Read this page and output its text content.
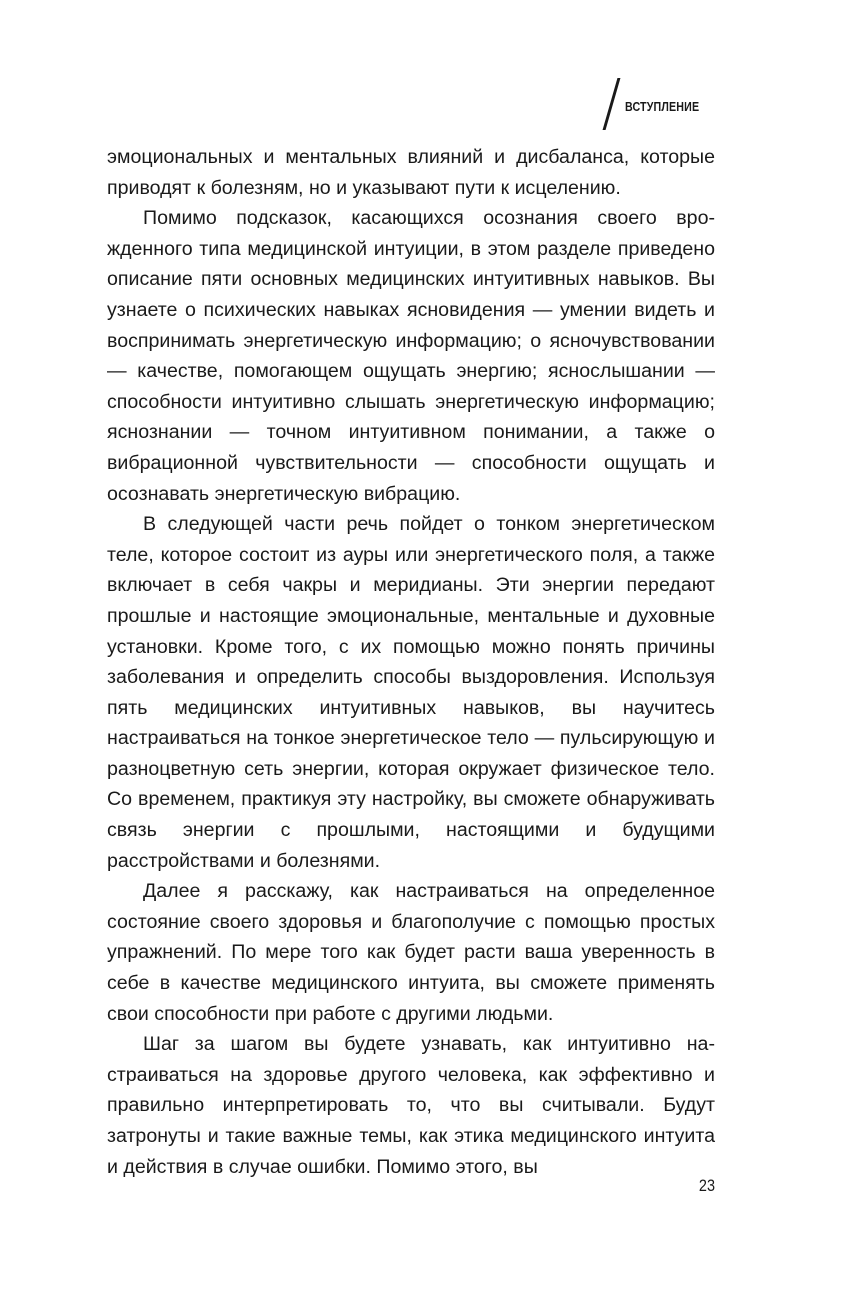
ВСТУПЛЕНИЕ

эмоциональных и ментальных влияний и дисбаланса, которые приводят к болезням, но и указывают пути к исцелению.

Помимо подсказок, касающихся осознания своего врожденного типа медицинской интуиции, в этом разделе приведено описание пяти основных медицинских интуитивных навыков. Вы узнаете о психических навыках ясновидения — умении видеть и воспринимать энергетическую информацию; о ясночувствовании — качестве, помогающем ощущать энергию; яснослышании — способности интуитивно слышать энергетическую информацию; яснознании — точном интуитивном понимании, а также о вибрационной чувствительности — способности ощущать и осознавать энергетическую вибрацию.

В следующей части речь пойдет о тонком энергетическом теле, которое состоит из ауры или энергетического поля, а также включает в себя чакры и меридианы. Эти энергии передают прошлые и настоящие эмоциональные, ментальные и духовные установки. Кроме того, с их помощью можно понять причины заболевания и определить способы выздоровления. Используя пять медицинских интуитивных навыков, вы научитесь настраиваться на тонкое энергетическое тело — пульсирующую и разноцветную сеть энергии, которая окружает физическое тело. Со временем, практикуя эту настройку, вы сможете обнаруживать связь энергии с прошлыми, настоящими и будущими расстройствами и болезнями.

Далее я расскажу, как настраиваться на определенное состояние своего здоровья и благополучие с помощью простых упражнений. По мере того как будет расти ваша уверенность в себе в качестве медицинского интуита, вы сможете применять свои способности при работе с другими людьми.

Шаг за шагом вы будете узнавать, как интуитивно настраиваться на здоровье другого человека, как эффективно и правильно интерпретировать то, что вы считывали. Будут затронуты и такие важные темы, как этика медицинского интуита и действия в случае ошибки. Помимо этого, вы

23
